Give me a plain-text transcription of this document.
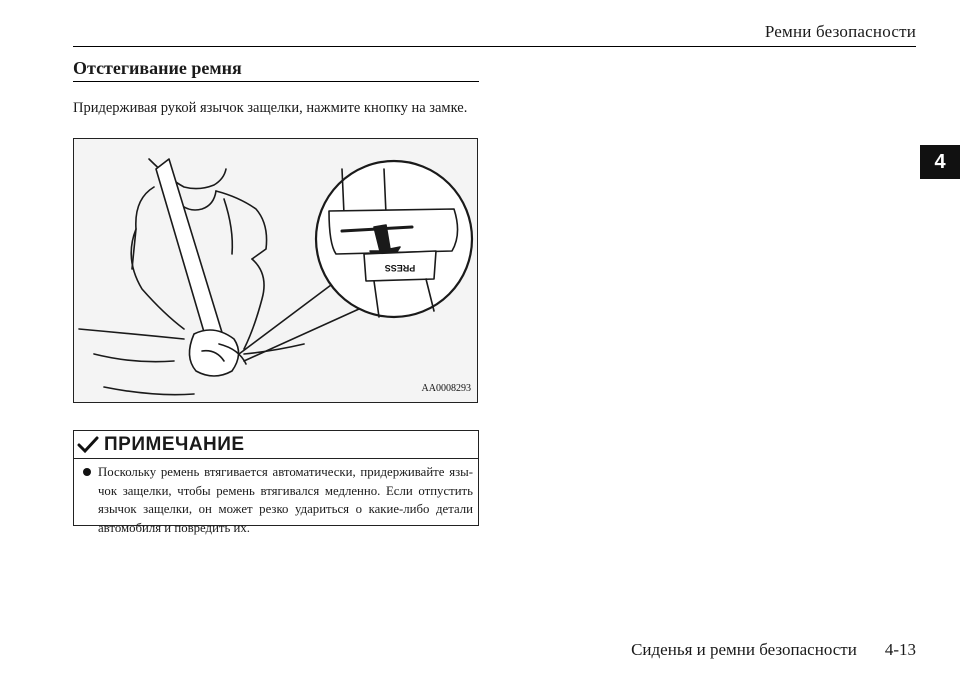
Ремни безопасности
Отстегивание ремня
Придерживая рукой язычок защелки, нажмите кнопку на замке.
PRESS
AA0008293
ПРИМЕЧАНИЕ
Поскольку ремень втягивается автоматически, придерживайте язы-чок защелки, чтобы ремень втягивался медленно. Если отпустить язычок защелки, он может резко удариться о какие-либо детали автомобиля и повредить их.
4
Сиденья и ремни безопасности 4-13
